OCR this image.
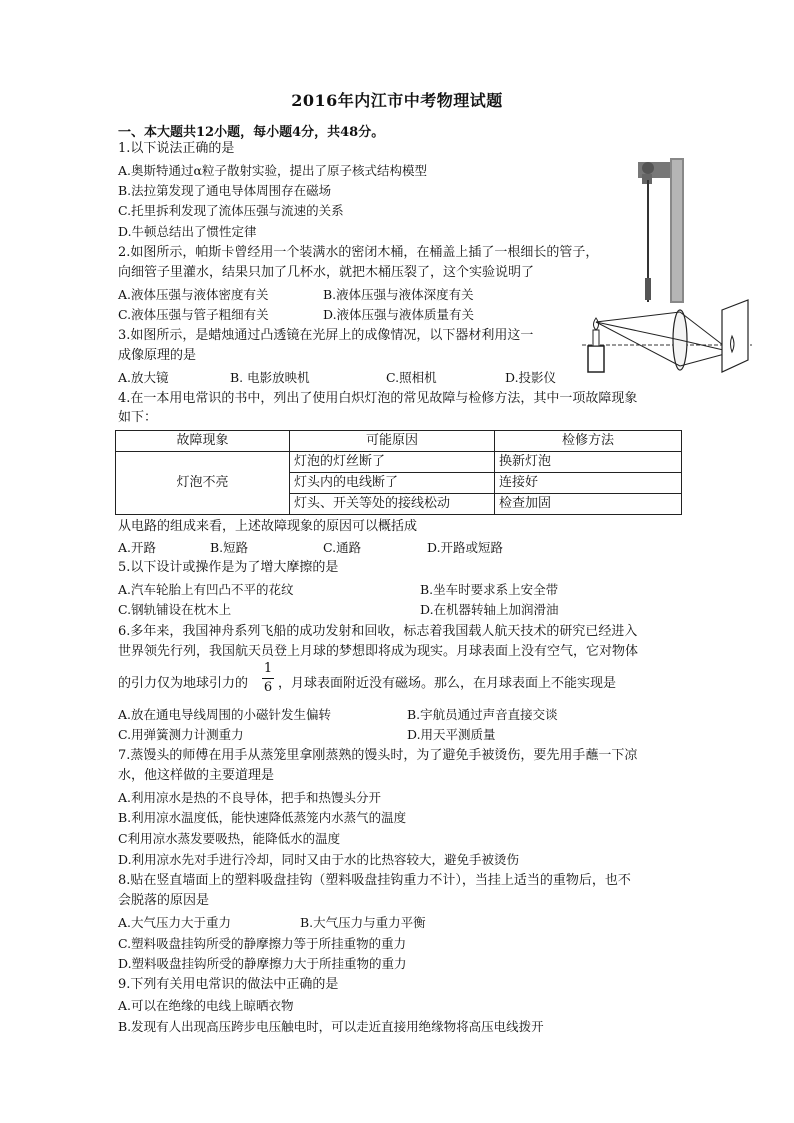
2016年内江市中考物理试题
一、本大题共12小题，每小题4分，共48分。
1.以下说法正确的是
A.奥斯特通过α粒子散射实验，提出了原子核式结构模型
B.法拉第发现了通电导体周围存在磁场
C.托里拆利发现了流体压强与流速的关系
D.牛顿总结出了惯性定律
2.如图所示，帕斯卡曾经用一个装满水的密闭木桶，在桶盖上插了一根细长的管子，
向细管子里灌水，结果只加了几杯水，就把木桶压裂了，这个实验说明了
A.液体压强与液体密度有关	B.液体压强与液体深度有关
C.液体压强与管子粗细有关	D.液体压强与液体质量有关
3.如图所示，是蜡烛通过凸透镜在光屏上的成像情况，以下器材利用这一
成像原理的是
A.放大镜	B. 电影放映机	C.照相机	D.投影仪
4.在一本用电常识的书中，列出了使用白炽灯泡的常见故障与检修方法，其中一项故障现象
如下：
故障现象	可能原因	检修方法
灯泡不亮	灯泡的灯丝断了	换新灯泡
	灯头内的电线断了	连接好
	灯头、开关等处的接线松动	检查加固
从电路的组成来看，上述故障现象的原因可以概括成
A.开路	B.短路	C.通路	D.开路或短路
5.以下设计或操作是为了增大摩擦的是
A.汽车轮胎上有凹凸不平的花纹	B.坐车时要求系上安全带
C.钢轨铺设在枕木上	D.在机器转轴上加润滑油
6.多年来，我国神舟系列飞船的成功发射和回收，标志着我国载人航天技术的研究已经进入
世界领先行列，我国航天员登上月球的梦想即将成为现实。月球表面上没有空气，它对物体
的引力仅为地球引力的
1
6 ，月球表面附近没有磁场。那么，在月球表面上不能实现是
A.放在通电导线周围的小磁针发生偏转	B.宇航员通过声音直接交谈
C.用弹簧测力计测重力	D.用天平测质量
7.蒸馒头的师傅在用手从蒸笼里拿刚蒸熟的馒头时，为了避免手被烫伤，要先用手蘸一下凉
水，他这样做的主要道理是
A.利用凉水是热的不良导体，把手和热馒头分开
B.利用凉水温度低，能快速降低蒸笼内水蒸气的温度
C利用凉水蒸发要吸热，能降低水的温度
D.利用凉水先对手进行冷却，同时又由于水的比热容较大，避免手被烫伤
8.贴在竖直墙面上的塑料吸盘挂钩（塑料吸盘挂钩重力不计），当挂上适当的重物后，也不
会脱落的原因是
A.大气压力大于重力	B.大气压力与重力平衡
C.塑料吸盘挂钩所受的静摩擦力等于所挂重物的重力
D.塑料吸盘挂钩所受的静摩擦力大于所挂重物的重力
9.下列有关用电常识的做法中正确的是
A.可以在绝缘的电线上晾晒衣物
B.发现有人出现高压跨步电压触电时，可以走近直接用绝缘物将高压电线拨开
